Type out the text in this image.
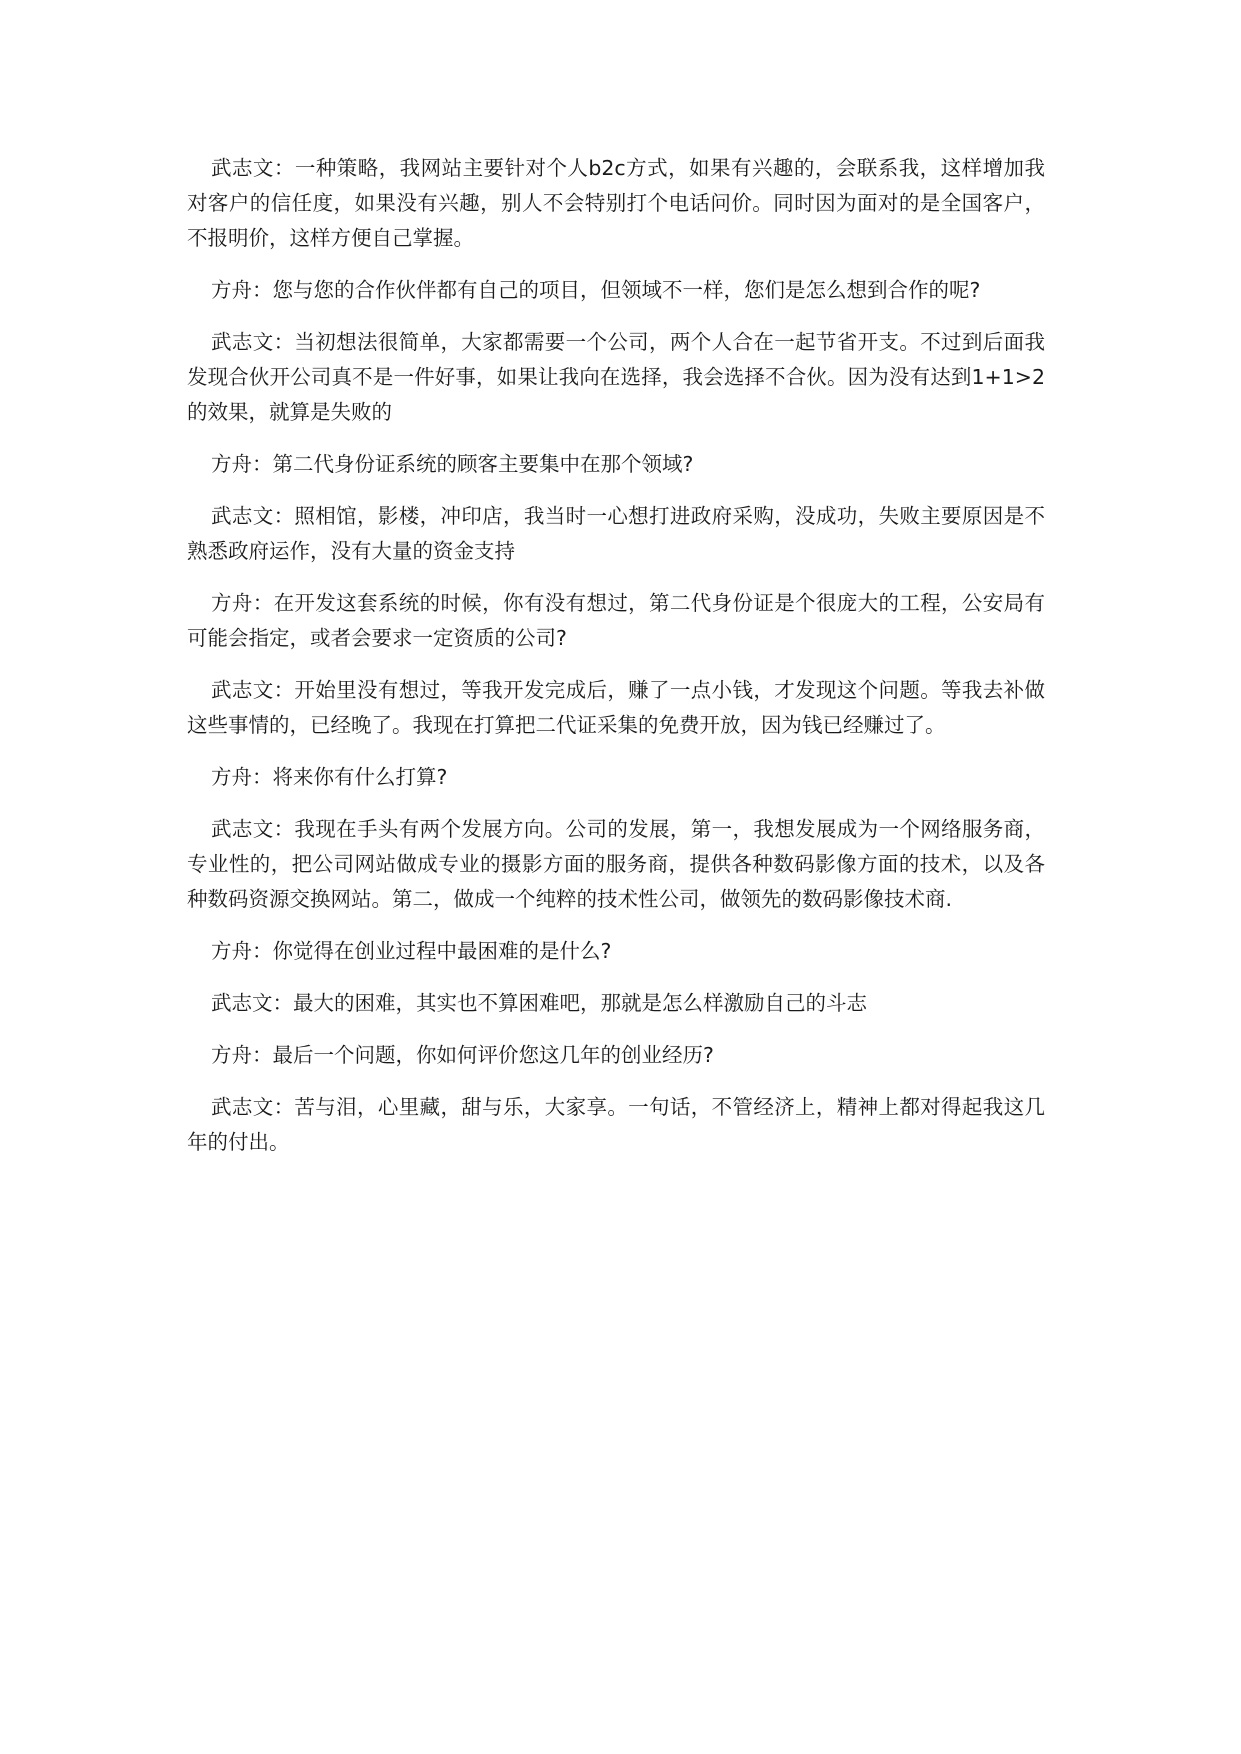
武志文：一种策略，我网站主要针对个人b2c方式，如果有兴趣的，会联系我，这样增加我对客户的信任度，如果没有兴趣，别人不会特别打个电话问价。同时因为面对的是全国客户，不报明价，这样方便自己掌握。

方舟：您与您的合作伙伴都有自己的项目，但领域不一样，您们是怎么想到合作的呢?

武志文：当初想法很简单，大家都需要一个公司，两个人合在一起节省开支。不过到后面我发现合伙开公司真不是一件好事，如果让我向在选择，我会选择不合伙。因为没有达到1+1>2的效果，就算是失败的

方舟：第二代身份证系统的顾客主要集中在那个领域?

武志文：照相馆，影楼，冲印店，我当时一心想打进政府采购，没成功，失败主要原因是不熟悉政府运作，没有大量的资金支持

方舟：在开发这套系统的时候，你有没有想过，第二代身份证是个很庞大的工程，公安局有可能会指定，或者会要求一定资质的公司?

武志文：开始里没有想过，等我开发完成后，赚了一点小钱，才发现这个问题。等我去补做这些事情的，已经晚了。我现在打算把二代证采集的免费开放，因为钱已经赚过了。

方舟：将来你有什么打算?

武志文：我现在手头有两个发展方向。公司的发展，第一，我想发展成为一个网络服务商，专业性的，把公司网站做成专业的摄影方面的服务商，提供各种数码影像方面的技术，以及各种数码资源交换网站。第二，做成一个纯粹的技术性公司，做领先的数码影像技术商.

方舟：你觉得在创业过程中最困难的是什么?

武志文：最大的困难，其实也不算困难吧，那就是怎么样激励自己的斗志

方舟：最后一个问题，你如何评价您这几年的创业经历?

武志文：苦与泪，心里藏，甜与乐，大家享。一句话，不管经济上，精神上都对得起我这几年的付出。
